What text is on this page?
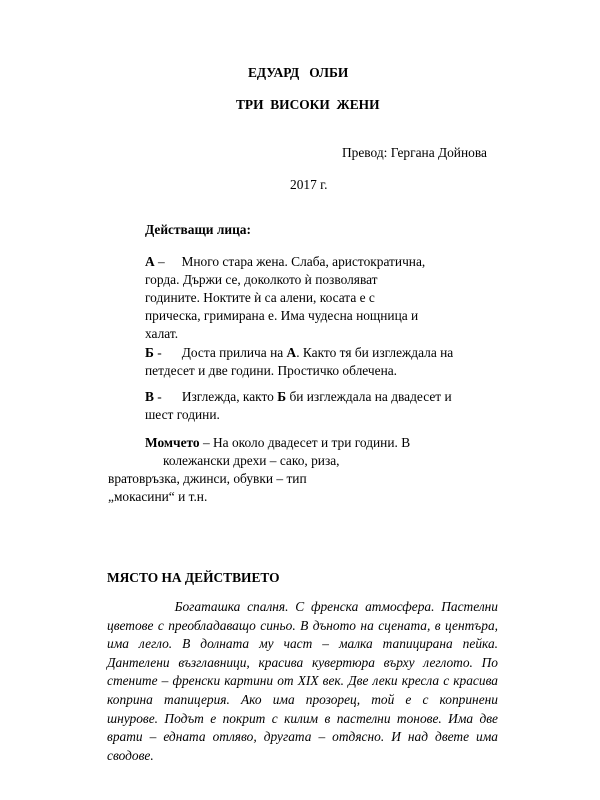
ЕДУАРД   ОЛБИ
ТРИ  ВИСОКИ  ЖЕНИ
Превод: Гергана Дойнова
2017 г.
Действащи лица:
А –     Много стара жена. Слаба, аристократична,
горда. Държи се, доколкото ѝ позволяват
годините. Ноктите ѝ са алени, косата е с
прическа, гримирана е. Има чудесна нощница и
халат.
Б -      Доста прилича на А. Както тя би изглеждала на
петдесет и две години. Простичко облечена.
В -      Изглежда, както Б би изглеждала на двадесет и
шест години.
Момчето – На около двадесет и три години. В
колежански дрехи – сако, риза,
вратовръзка, джинси, обувки – тип
„мокасини“ и т.н.
МЯСТО НА ДЕЙСТВИЕТО
Богаташка спалня. С френска атмосфера. Пастелни
цветове с преобладаващо синьо. В дъното на сцената, в центъра,
има легло. В долната му част – малка тапицирана пейка.
Дантелени възглавници, красива кувертюра върху леглото. По
стените – френски картини от XIX век. Две леки кресла с красива
коприна тапицерия. Ако има прозорец, той е с копринени
шнурове. Подът е покрит с килим в пастелни тонове. Има две
врати – едната отляво, другата – отдясно. И над двете има
сводове.
